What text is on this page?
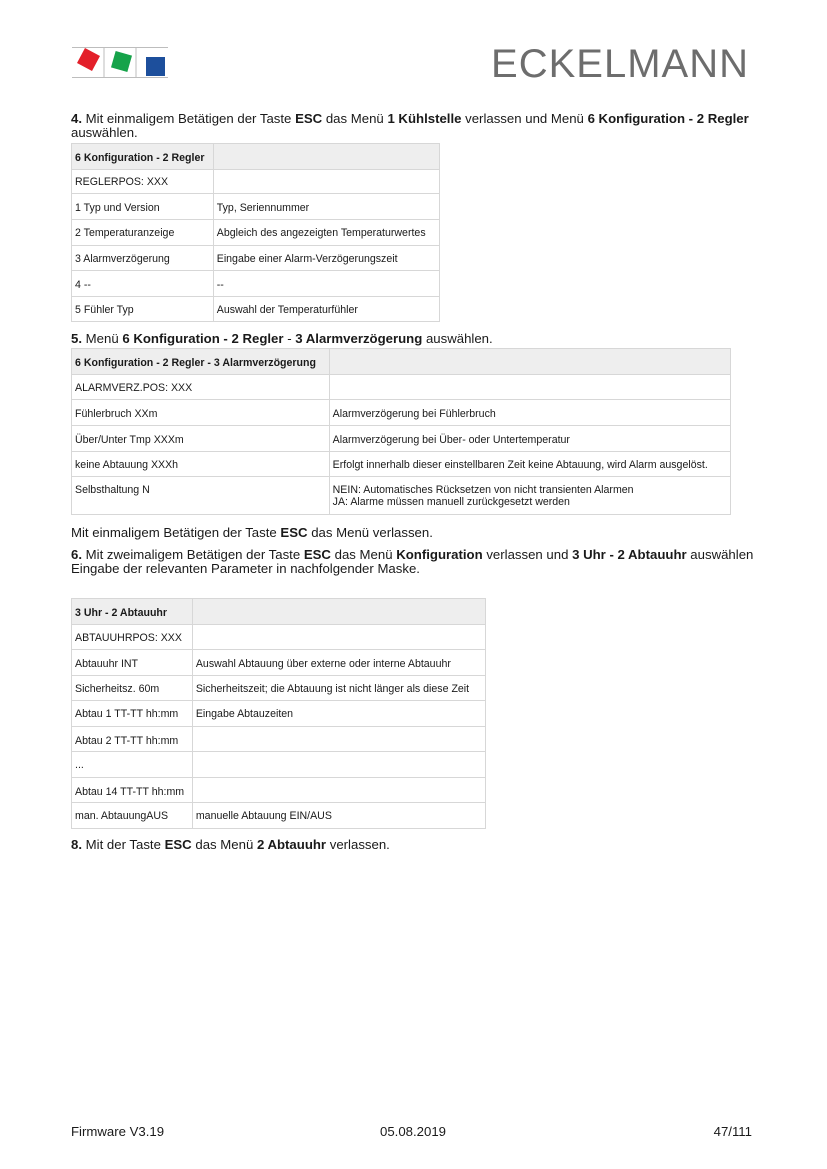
ECKELMANN
4. Mit einmaligem Betätigen der Taste ESC das Menü 1 Kühlstelle verlassen und Menü 6 Konfiguration - 2 Regler auswählen.
6 Konfiguration - 2 Regler	
REGLERPOS: XXX	
1 Typ und Version	Typ, Seriennummer
2 Temperaturanzeige	Abgleich des angezeigten Temperaturwertes
3 Alarmverzögerung	Eingabe einer Alarm-Verzögerungszeit
4 --	--
5 Fühler Typ	Auswahl der Temperaturfühler
5. Menü 6 Konfiguration - 2 Regler - 3 Alarmverzögerung auswählen.
6 Konfiguration - 2 Regler - 3 Alarmverzögerung	
ALARMVERZ.POS: XXX	
Fühlerbruch XXm	Alarmverzögerung bei Fühlerbruch
Über/Unter Tmp XXXm	Alarmverzögerung bei Über- oder Untertemperatur
keine Abtauung XXXh	Erfolgt innerhalb dieser einstellbaren Zeit keine Abtauung, wird Alarm ausgelöst.
Selbsthaltung N	NEIN: Automatisches Rücksetzen von nicht transienten Alarmen
JA: Alarme müssen manuell zurückgesetzt werden
Mit einmaligem Betätigen der Taste ESC das Menü verlassen.
6. Mit zweimaligem Betätigen der Taste ESC das Menü Konfiguration verlassen und 3 Uhr - 2 Abtauuhr auswählen
Eingabe der relevanten Parameter in nachfolgender Maske.
3 Uhr - 2 Abtauuhr	
ABTAUUHRPOS: XXX	
Abtauuhr INT	Auswahl Abtauung über externe oder interne Abtauuhr
Sicherheitsz. 60m	Sicherheitszeit; die Abtauung ist nicht länger als diese Zeit
Abtau 1 TT-TT hh:mm	Eingabe Abtauzeiten
Abtau 2 TT-TT hh:mm	
...	
Abtau 14 TT-TT hh:mm	
man. AbtauungAUS	manuelle Abtauung EIN/AUS
8. Mit der Taste ESC das Menü 2 Abtauuhr verlassen.
Firmware V3.19	05.08.2019	47/111
